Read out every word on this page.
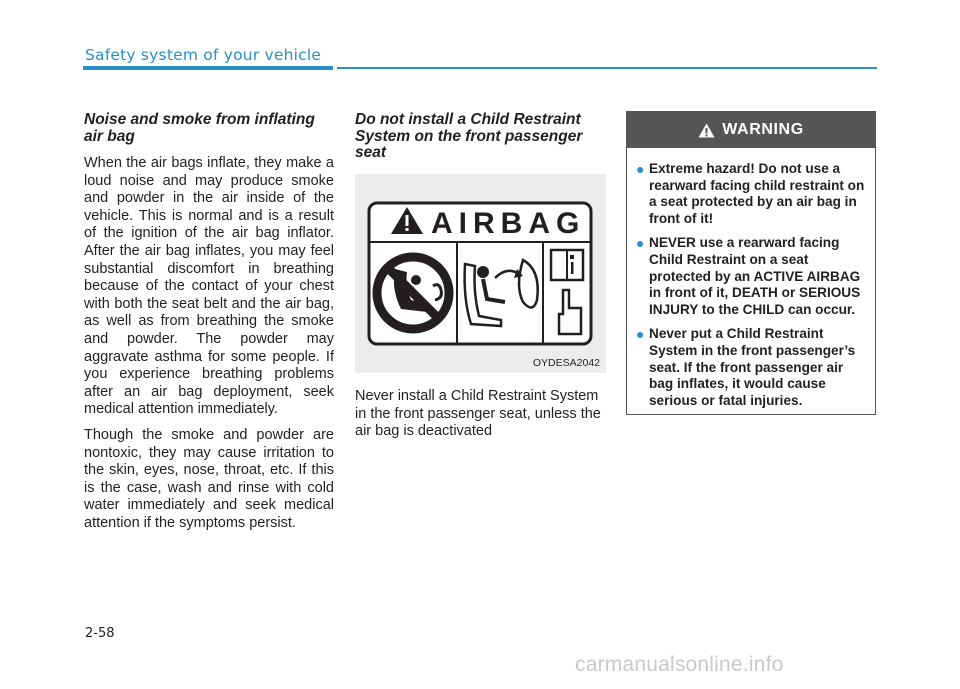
Safety system of your vehicle
Noise and smoke from inflating air bag

When the air bags inflate, they make a loud noise and may produce smoke and powder in the air inside of the vehicle. This is normal and is a result of the ignition of the air bag inflator. After the air bag inflates, you may feel substantial discomfort in breathing because of the contact of your chest with both the seat belt and the air bag, as well as from breathing the smoke and powder. The powder may aggravate asthma for some people. If you experience breathing problems after an air bag deployment, seek medical attention immediately.

Though the smoke and powder are nontoxic, they may cause irritation to the skin, eyes, nose, throat, etc. If this is the case, wash and rinse with cold water immediately and seek medical attention if the symptoms persist.

Do not install a Child Restraint System on the front passenger seat
AIRBAG
OYDESA2042
Never install a Child Restraint System in the front passenger seat, unless the air bag is deactivated
WARNING
● Extreme hazard! Do not use a rearward facing child restraint on a seat protected by an air bag in front of it!
● NEVER use a rearward facing Child Restraint on a seat protected by an ACTIVE AIRBAG in front of it, DEATH or SERIOUS INJURY to the CHILD can occur.
● Never put a Child Restraint System in the front passenger’s seat. If the front passenger air bag inflates, it would cause serious or fatal injuries.
2-58
carmanualsonline.info
